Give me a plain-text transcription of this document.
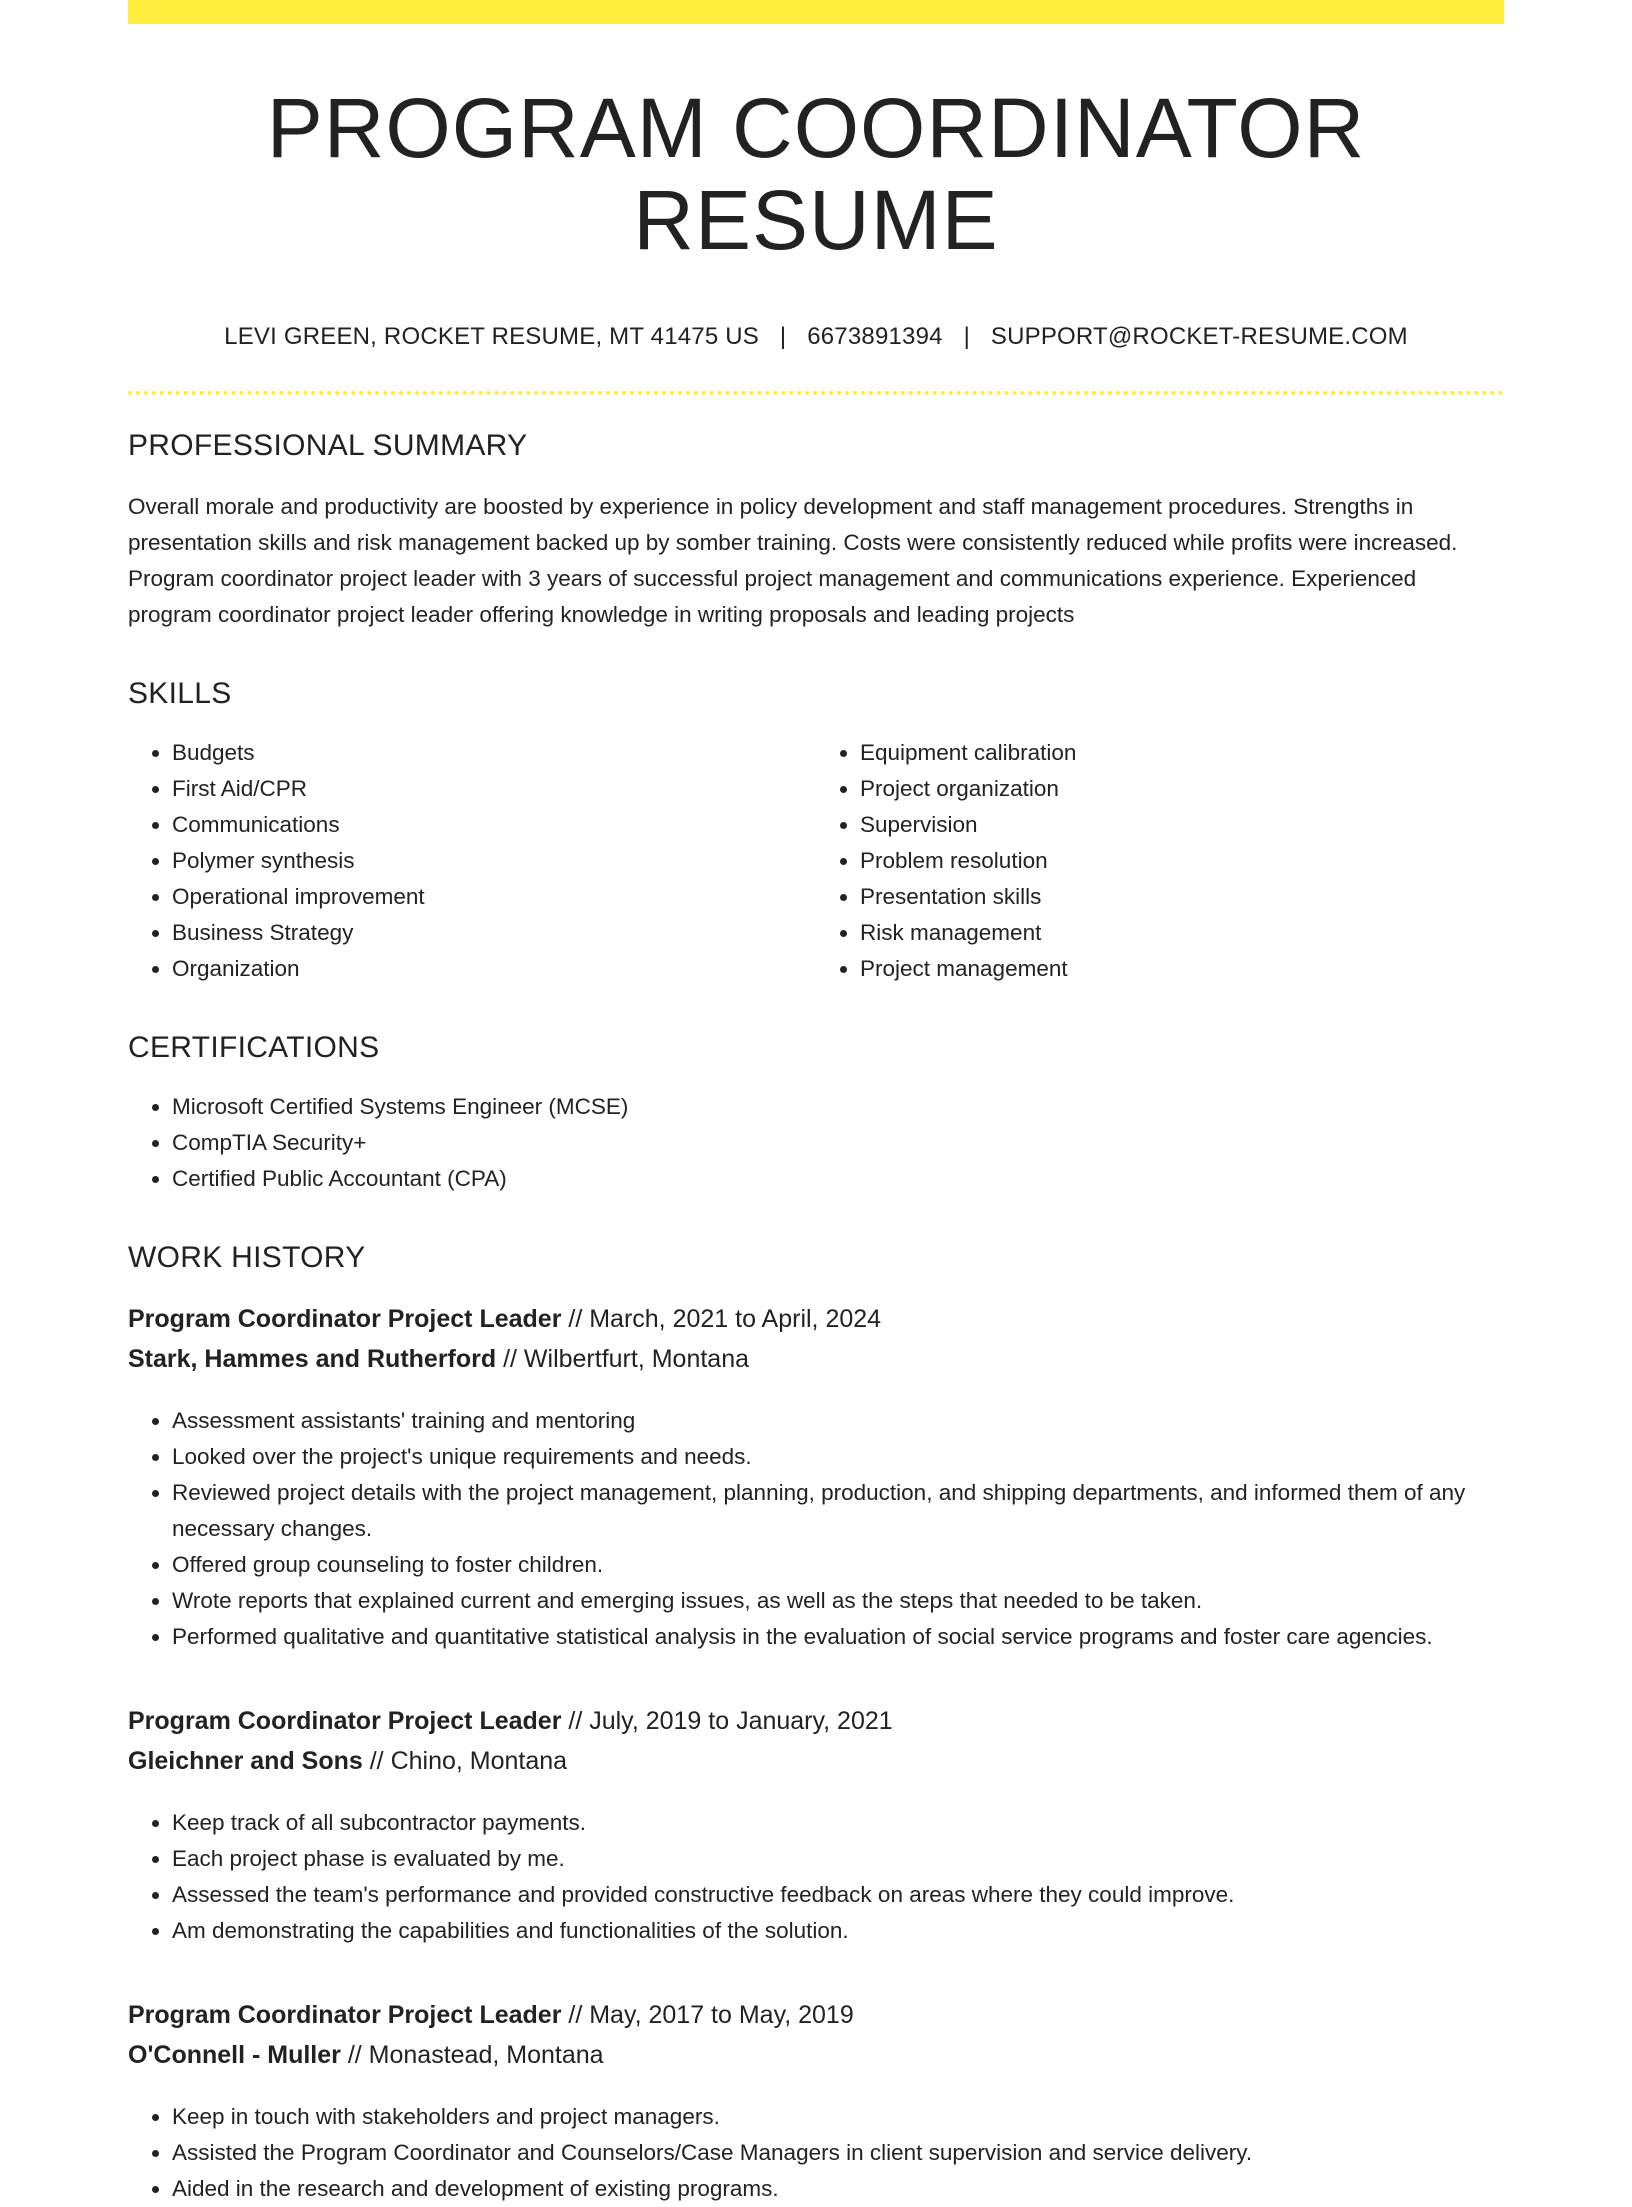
PROGRAM COORDINATOR RESUME
LEVI GREEN, ROCKET RESUME, MT 41475 US | 6673891394 | SUPPORT@ROCKET-RESUME.COM
PROFESSIONAL SUMMARY
Overall morale and productivity are boosted by experience in policy development and staff management procedures. Strengths in presentation skills and risk management backed up by somber training. Costs were consistently reduced while profits were increased. Program coordinator project leader with 3 years of successful project management and communications experience. Experienced program coordinator project leader offering knowledge in writing proposals and leading projects
SKILLS
• Budgets
• First Aid/CPR
• Communications
• Polymer synthesis
• Operational improvement
• Business Strategy
• Organization
• Equipment calibration
• Project organization
• Supervision
• Problem resolution
• Presentation skills
• Risk management
• Project management
CERTIFICATIONS
• Microsoft Certified Systems Engineer (MCSE)
• CompTIA Security+
• Certified Public Accountant (CPA)
WORK HISTORY
Program Coordinator Project Leader // March, 2021 to April, 2024
Stark, Hammes and Rutherford // Wilbertfurt, Montana
• Assessment assistants' training and mentoring
• Looked over the project's unique requirements and needs.
• Reviewed project details with the project management, planning, production, and shipping departments, and informed them of any necessary changes.
• Offered group counseling to foster children.
• Wrote reports that explained current and emerging issues, as well as the steps that needed to be taken.
• Performed qualitative and quantitative statistical analysis in the evaluation of social service programs and foster care agencies.
Program Coordinator Project Leader // July, 2019 to January, 2021
Gleichner and Sons // Chino, Montana
• Keep track of all subcontractor payments.
• Each project phase is evaluated by me.
• Assessed the team's performance and provided constructive feedback on areas where they could improve.
• Am demonstrating the capabilities and functionalities of the solution.
Program Coordinator Project Leader // May, 2017 to May, 2019
O'Connell - Muller // Monastead, Montana
• Keep in touch with stakeholders and project managers.
• Assisted the Program Coordinator and Counselors/Case Managers in client supervision and service delivery.
• Aided in the research and development of existing programs.
